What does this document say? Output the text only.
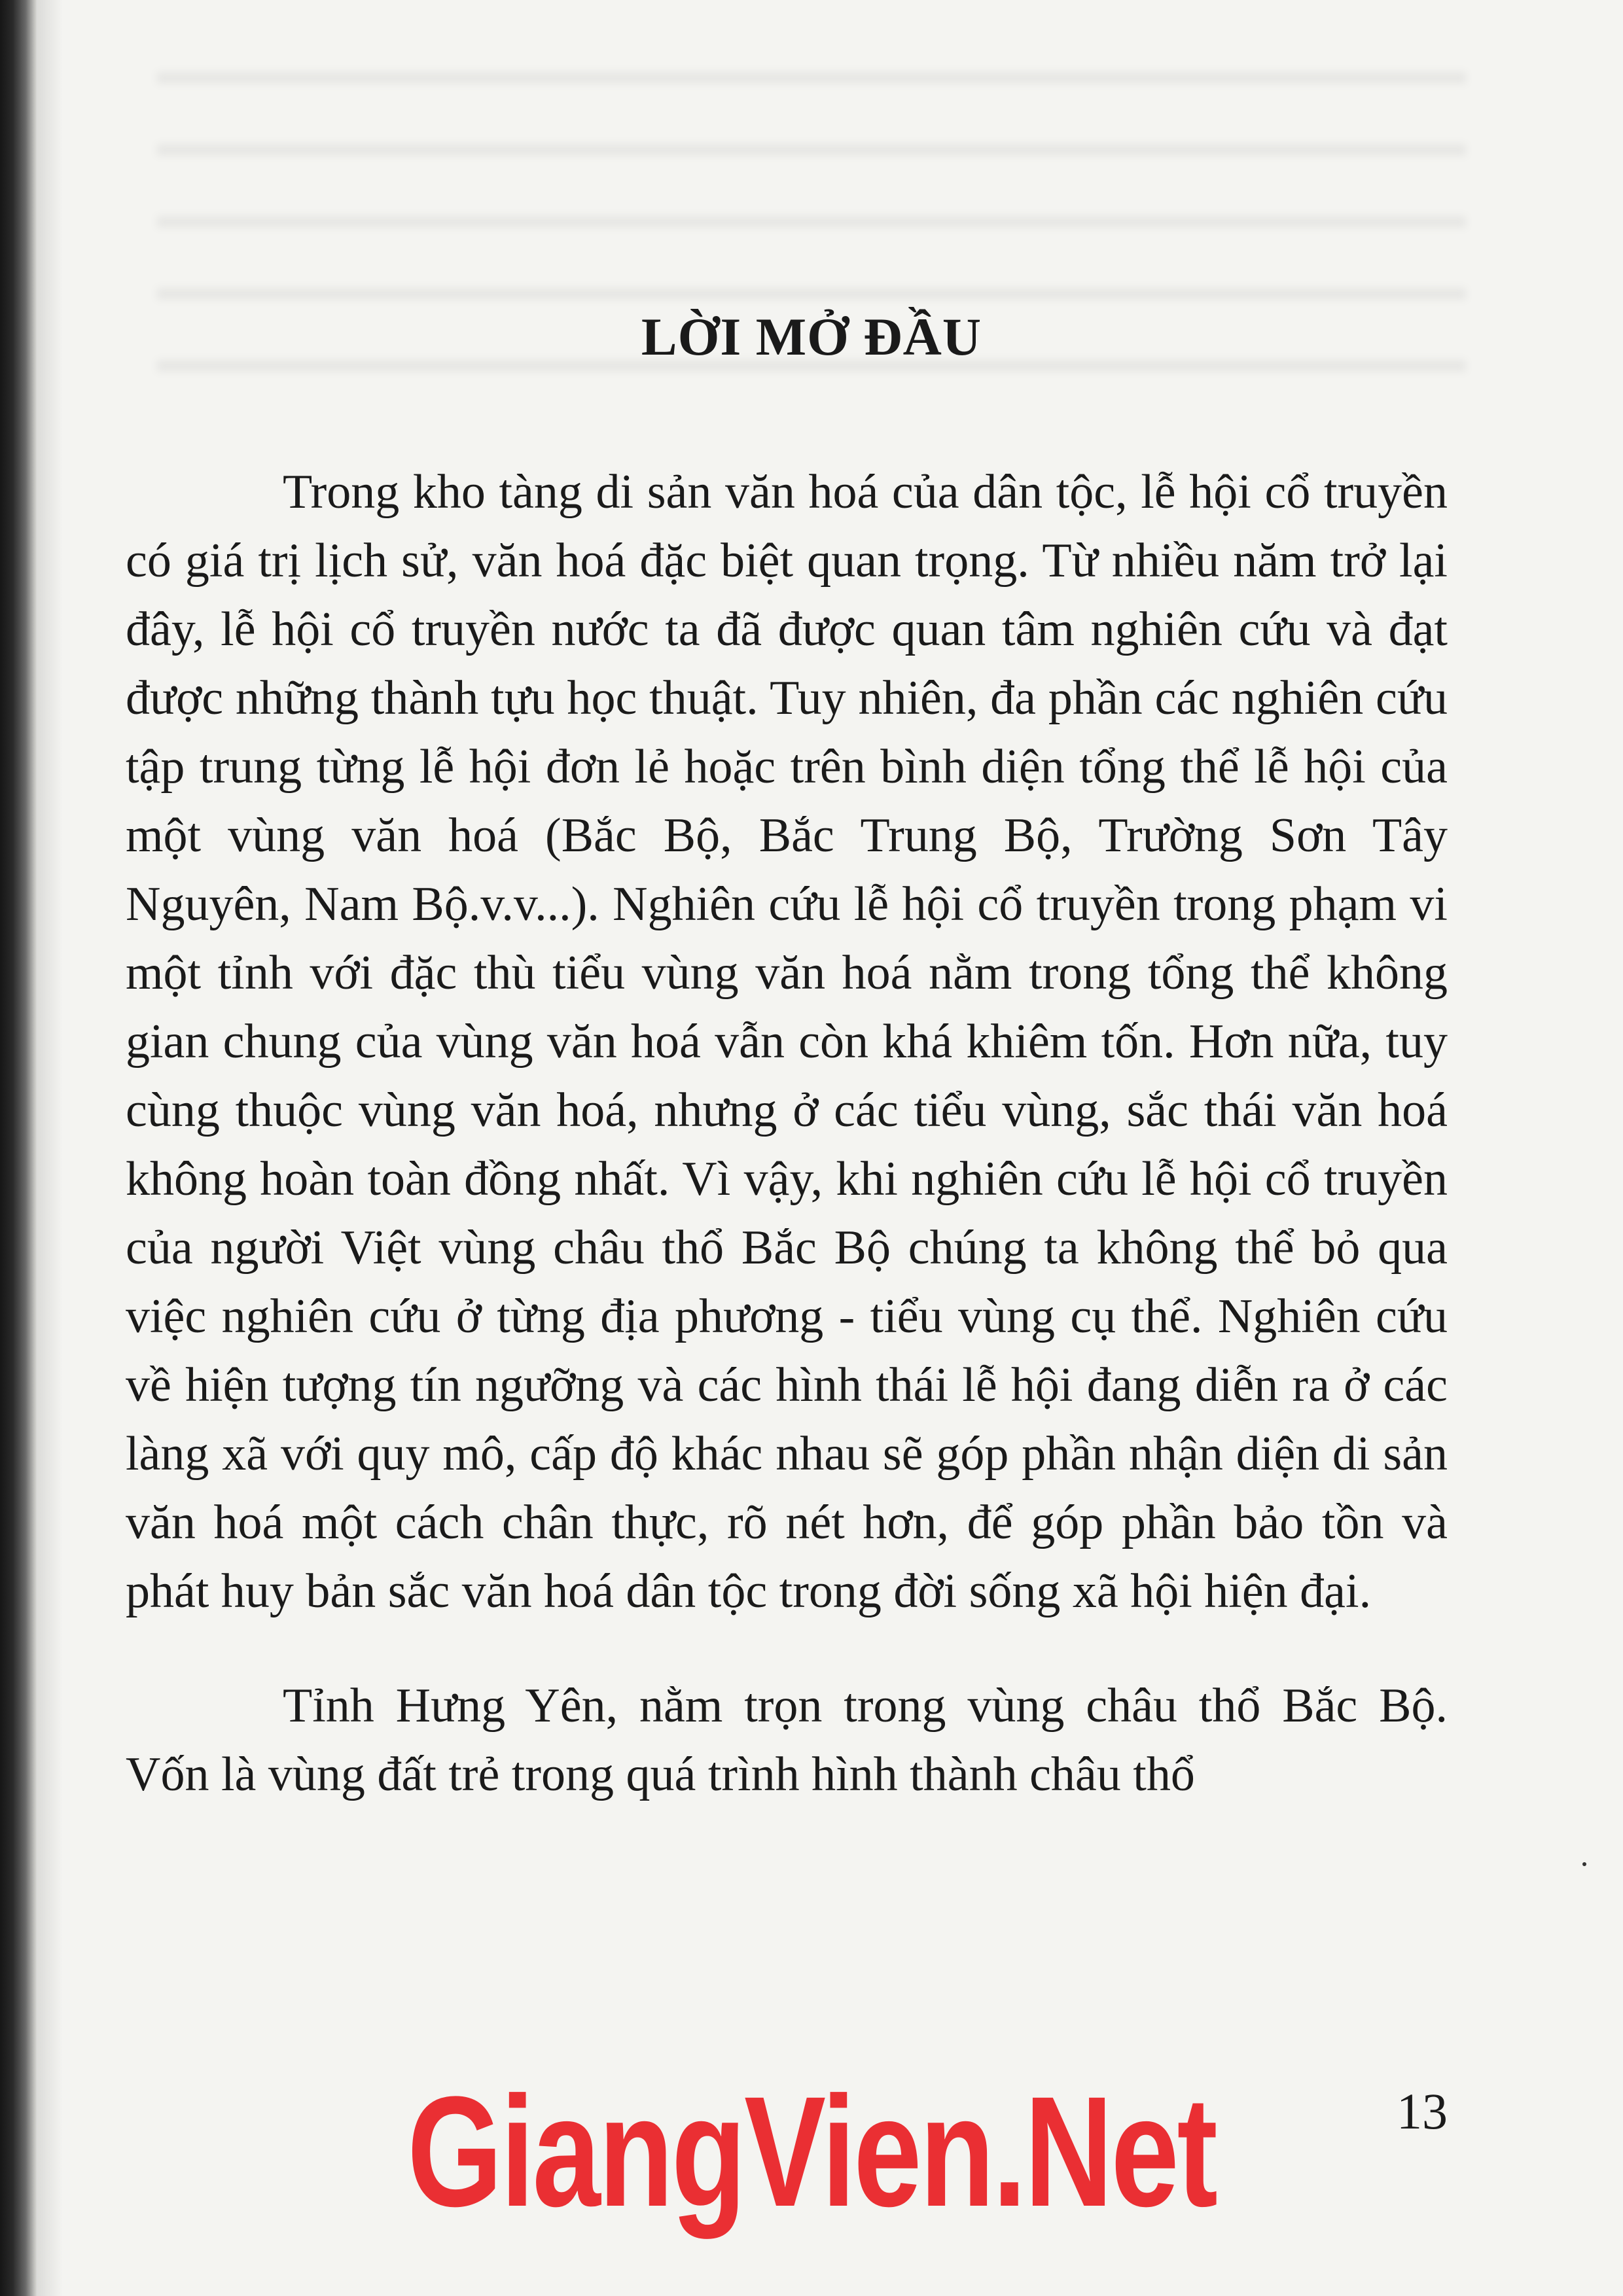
LỜI MỞ ĐẦU

Trong kho tàng di sản văn hoá của dân tộc, lễ hội cổ truyền có giá trị lịch sử, văn hoá đặc biệt quan trọng. Từ nhiều năm trở lại đây, lễ hội cổ truyền nước ta đã được quan tâm nghiên cứu và đạt được những thành tựu học thuật. Tuy nhiên, đa phần các nghiên cứu tập trung từng lễ hội đơn lẻ hoặc trên bình diện tổng thể lễ hội của một vùng văn hoá (Bắc Bộ, Bắc Trung Bộ, Trường Sơn Tây Nguyên, Nam Bộ.v.v...). Nghiên cứu lễ hội cổ truyền trong phạm vi một tỉnh với đặc thù tiểu vùng văn hoá nằm trong tổng thể không gian chung của vùng văn hoá vẫn còn khá khiêm tốn. Hơn nữa, tuy cùng thuộc vùng văn hoá, nhưng ở các tiểu vùng, sắc thái văn hoá không hoàn toàn đồng nhất. Vì vậy, khi nghiên cứu lễ hội cổ truyền của người Việt vùng châu thổ Bắc Bộ chúng ta không thể bỏ qua việc nghiên cứu ở từng địa phương - tiểu vùng cụ thể. Nghiên cứu về hiện tượng tín ngưỡng và các hình thái lễ hội đang diễn ra ở các làng xã với quy mô, cấp độ khác nhau sẽ góp phần nhận diện di sản văn hoá một cách chân thực, rõ nét hơn, để góp phần bảo tồn và phát huy bản sắc văn hoá dân tộc trong đời sống xã hội hiện đại.

Tỉnh Hưng Yên, nằm trọn trong vùng châu thổ Bắc Bộ. Vốn là vùng đất trẻ trong quá trình hình thành châu thổ

13

GiangVien.Net
